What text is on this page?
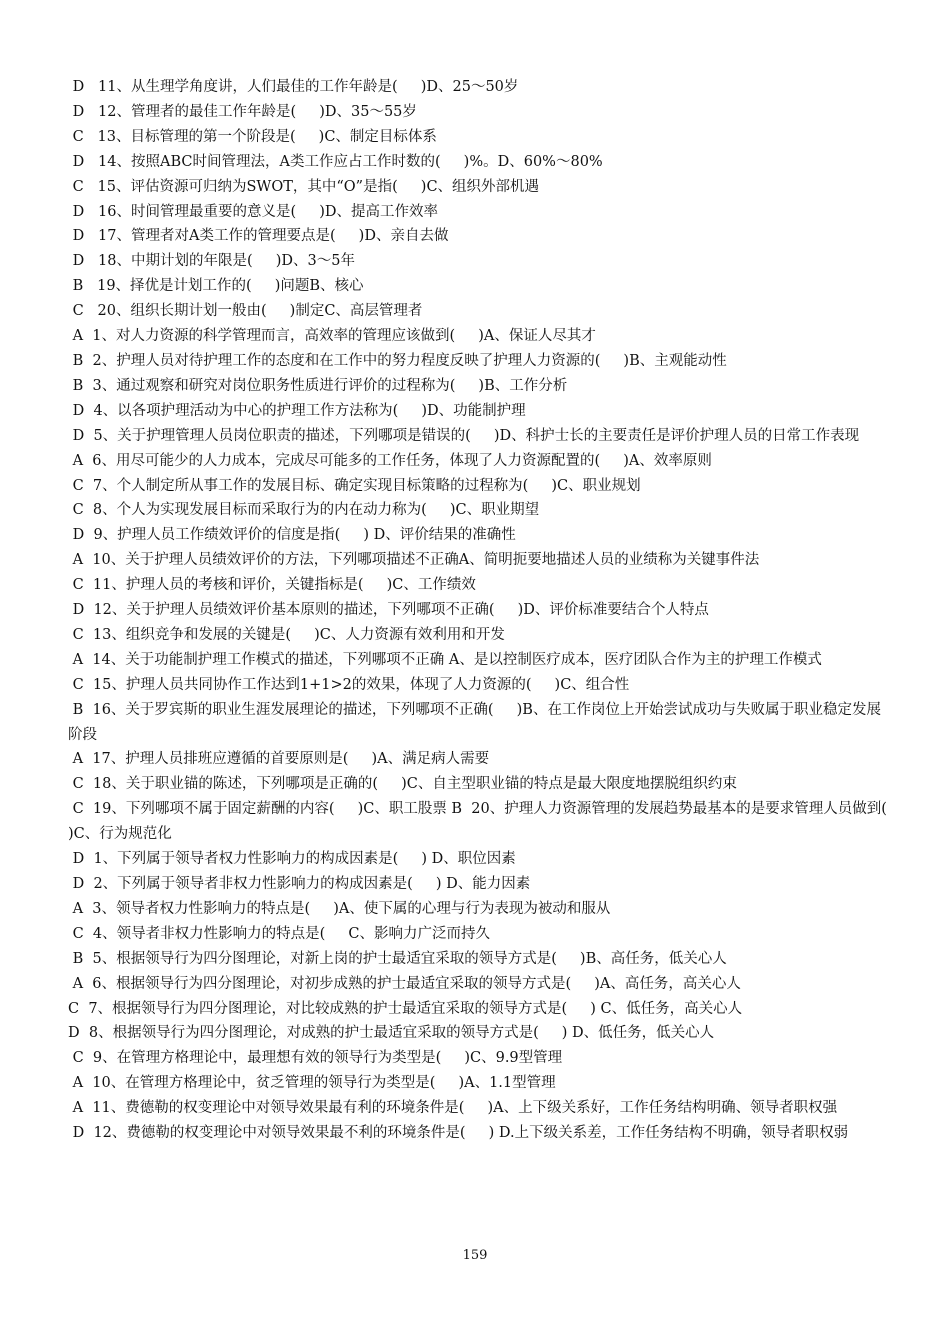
D   11、从生理学角度讲，人们最佳的工作年龄是(     )D、25～50岁
D   12、管理者的最佳工作年龄是(     )D、35～55岁
C   13、目标管理的第一个阶段是(     )C、制定目标体系
D   14、按照ABC时间管理法，A类工作应占工作时数的(     )%。D、60%～80%
C   15、评估资源可归纳为SWOT，其中“O”是指(     )C、组织外部机遇
D   16、时间管理最重要的意义是(     )D、提高工作效率
D   17、管理者对A类工作的管理要点是(     )D、亲自去做
D   18、中期计划的年限是(     )D、3～5年
B   19、择优是计划工作的(     )问题B、核心
C   20、组织长期计划一般由(     )制定C、高层管理者
A  1、对人力资源的科学管理而言，高效率的管理应该做到(     )A、保证人尽其才
B  2、护理人员对待护理工作的态度和在工作中的努力程度反映了护理人力资源的(     )B、主观能动性
B  3、通过观察和研究对岗位职务性质进行评价的过程称为(     )B、工作分析
D  4、以各项护理活动为中心的护理工作方法称为(     )D、功能制护理
D  5、关于护理管理人员岗位职责的描述，下列哪项是错误的(     )D、科护士长的主要责任是评价护理人员的日常工作表现
A  6、用尽可能少的人力成本，完成尽可能多的工作任务，体现了人力资源配置的(     )A、效率原则
C  7、个人制定所从事工作的发展目标、确定实现目标策略的过程称为(     )C、职业规划
C  8、个人为实现发展目标而采取行为的内在动力称为(     )C、职业期望
D  9、护理人员工作绩效评价的信度是指(     ) D、评价结果的准确性
A  10、关于护理人员绩效评价的方法，下列哪项描述不正确A、简明扼要地描述人员的业绩称为关键事件法
C  11、护理人员的考核和评价，关键指标是(     )C、工作绩效
D  12、关于护理人员绩效评价基本原则的描述，下列哪项不正确(     )D、评价标准要结合个人特点
C  13、组织竞争和发展的关键是(     )C、人力资源有效利用和开发
A  14、关于功能制护理工作模式的描述，下列哪项不正确 A、是以控制医疗成本，医疗团队合作为主的护理工作模式
C  15、护理人员共同协作工作达到1+1>2的效果，体现了人力资源的(     )C、组合性
B  16、关于罗宾斯的职业生涯发展理论的描述，下列哪项不正确(     )B、在工作岗位上开始尝试成功与失败属于职业稳定发展阶段
A  17、护理人员排班应遵循的首要原则是(     )A、满足病人需要
C  18、关于职业锚的陈述，下列哪项是正确的(     )C、自主型职业锚的特点是最大限度地摆脱组织约束
C  19、下列哪项不属于固定薪酬的内容(     )C、职工股票 B  20、护理人力资源管理的发展趋势最基本的是要求管理人员做到(     )C、行为规范化
D  1、下列属于领导者权力性影响力的构成因素是(     ) D、职位因素
D  2、下列属于领导者非权力性影响力的构成因素是(     ) D、能力因素
A  3、领导者权力性影响力的特点是(     )A、使下属的心理与行为表现为被动和服从
C  4、领导者非权力性影响力的特点是(     C、影响力广泛而持久
B  5、根据领导行为四分图理论，对新上岗的护士最适宜采取的领导方式是(     )B、高任务，低关心人
A  6、根据领导行为四分图理论，对初步成熟的护士最适宜采取的领导方式是(     )A、高任务，高关心人
C  7、根据领导行为四分图理论，对比较成熟的护士最适宜采取的领导方式是(     ) C、低任务，高关心人
D  8、根据领导行为四分图理论，对成熟的护士最适宜采取的领导方式是(     ) D、低任务，低关心人
C  9、在管理方格理论中，最理想有效的领导行为类型是(     )C、9.9型管理
A  10、在管理方格理论中，贫乏管理的领导行为类型是(     )A、1.1型管理
A  11、费德勒的权变理论中对领导效果最有利的环境条件是(     )A、上下级关系好，工作任务结构明确、领导者职权强
D  12、费德勒的权变理论中对领导效果最不利的环境条件是(     ) D.上下级关系差，工作任务结构不明确，领导者职权弱
159
